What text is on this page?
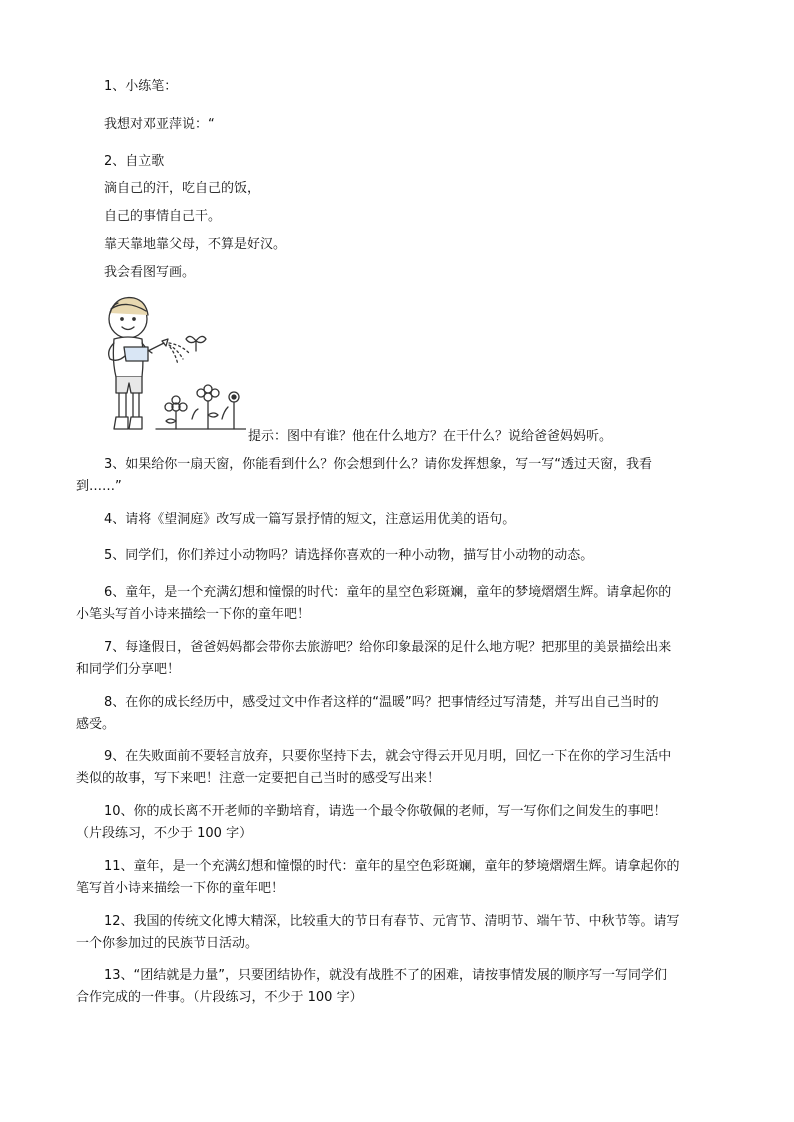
1、小练笔：
我想对邓亚萍说：“
2、自立歌
滴自己的汗，吃自己的饭，
自己的事情自己干。
靠天靠地靠父母，不算是好汉。
我会看图写画。
提示：图中有谁？他在什么地方？在干什么？说给爸爸妈妈听。
3、如果给你一扇天窗，你能看到什么？你会想到什么？请你发挥想象，写一写“透过天窗，我看
到……”
4、请将《望洞庭》改写成一篇写景抒情的短文，注意运用优美的语句。
5、同学们，你们养过小动物吗？请选择你喜欢的一种小动物，描写甘小动物的动态。
6、童年，是一个充满幻想和憧憬的时代：童年的星空色彩斑斓，童年的梦境熠熠生辉。请拿起你的
小笔头写首小诗来描绘一下你的童年吧！
7、每逢假日，爸爸妈妈都会带你去旅游吧？给你印象最深的足什么地方呢？把那里的美景描绘出来
和同学们分享吧！
8、在你的成长经历中，感受过文中作者这样的“温暖”吗？把事情经过写清楚，并写出自己当时的
感受。
9、在失败面前不要轻言放弃，只要你坚持下去，就会守得云开见月明，回忆一下在你的学习生活中
类似的故事，写下来吧！注意一定要把自己当时的感受写出来！
10、你的成长离不开老师的辛勤培育，请选一个最令你敬佩的老师，写一写你们之间发生的事吧！
（片段练习，不少于 100 字）
11、童年，是一个充满幻想和憧憬的时代：童年的星空色彩斑斓，童年的梦境熠熠生辉。请拿起你的
笔写首小诗来描绘一下你的童年吧！
12、我国的传统文化博大精深，比较重大的节日有春节、元宵节、清明节、端午节、中秋节等。请写
一个你参加过的民族节日活动。
13、“团结就是力量”，只要团结协作，就没有战胜不了的困难，请按事情发展的顺序写一写同学们
合作完成的一件事。（片段练习，不少于 100 字）
